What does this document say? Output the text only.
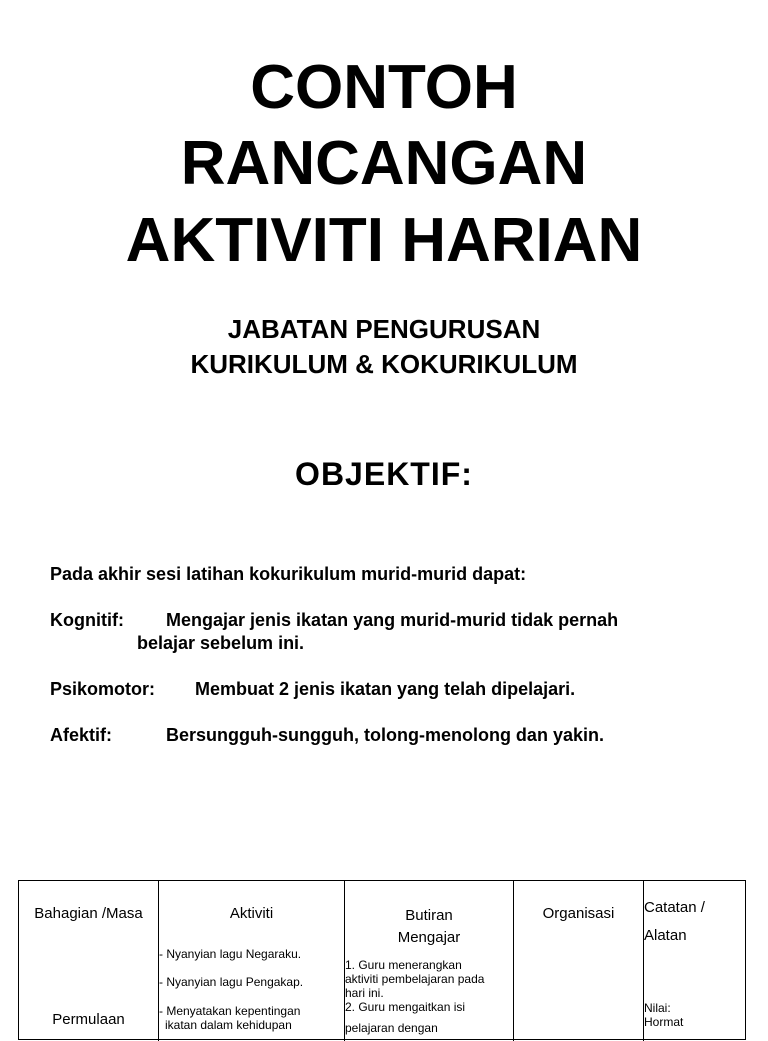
CONTOH
RANCANGAN
AKTIVITI HARIAN
JABATAN PENGURUSAN
KURIKULUM & KOKURIKULUM
OBJEKTIF:
Pada akhir sesi latihan kokurikulum murid-murid dapat:
Kognitif: Mengajar jenis ikatan yang murid-murid tidak pernah
belajar sebelum ini.
Psikomotor: Membuat 2 jenis ikatan yang telah dipelajari.
Afektif:	Bersungguh-sungguh, tolong-menolong dan yakin.
Bahagian /Masa
Permulaan
Aktiviti
- Nyanyian lagu Negaraku.
- Nyanyian lagu Pengakap.
- Menyatakan kepentingan
ikatan dalam kehidupan
Butiran
Mengajar
1. Guru menerangkan
aktiviti pembelajaran pada
hari ini.
2. Guru mengaitkan isi
pelajaran dengan
Organisasi	Catatan /
Alatan
Nilai:
Hormat
